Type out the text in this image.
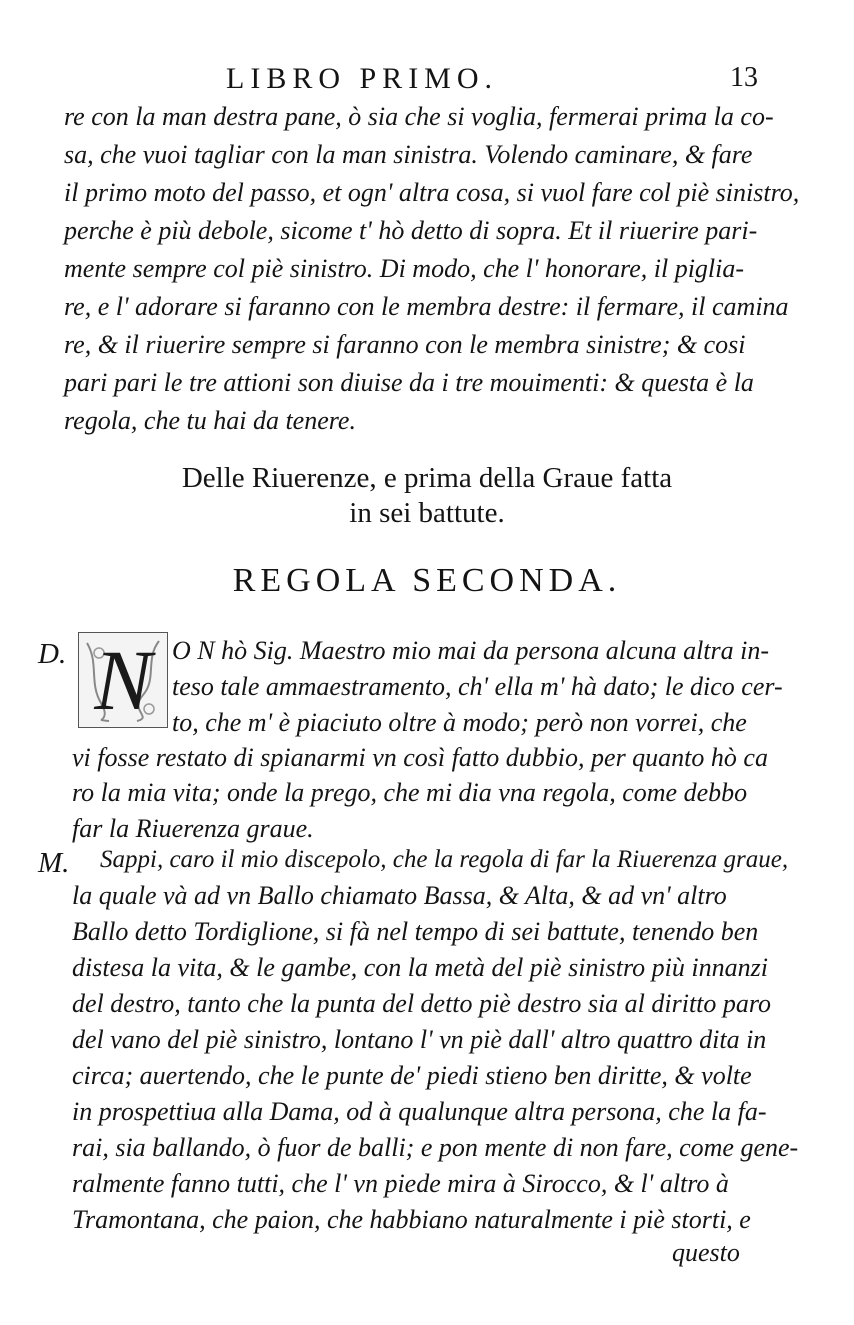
LIBRO PRIMO.	13
re con la man destra pane, ò sia che si voglia, fermerai prima la co-
sa, che vuoi tagliar con la man sinistra. Volendo caminare, & fare
il primo moto del passo, et ogn' altra cosa, si vuol fare col piè sinistro,
perche è più debole, sicome t' hò detto di sopra. Et il riuerire pari-
mente sempre col piè sinistro. Di modo, che l' honorare, il piglia-
re, e l' adorare si faranno con le membra destre: il fermare, il camina
re, & il riuerire sempre si faranno con le membra sinistre; & cosi
pari pari le tre attioni son diuise da i tre mouimenti: & questa è la
regola, che tu hai da tenere.
Delle Riuerenze, e prima della Graue fatta
in sei battute.
REGOLA SECONDA.
D. N O N hò Sig. Maestro mio mai da persona alcuna altra in-
teso tale ammaestramento, ch' ella m' hà dato; le dico cer-
to, che m' è piaciuto oltre à modo; però non vorrei, che
vi fosse restato di spianarmi vn così fatto dubbio, per quanto hò ca
ro la mia vita; onde la prego, che mi dia vna regola, come debbo
far la Riuerenza graue.
M. Sappi, caro il mio discepolo, che la regola di far la Riuerenza graue,
la quale và ad vn Ballo chiamato Bassa, & Alta, & ad vn' altro
Ballo detto Tordiglione, si fà nel tempo di sei battute, tenendo ben
distesa la vita, & le gambe, con la metà del piè sinistro più innanzi
del destro, tanto che la punta del detto piè destro sia al diritto paro
del vano del piè sinistro, lontano l' vn piè dall' altro quattro dita in
circa; auertendo, che le punte de' piedi stieno ben diritte, & volte
in prospettiua alla Dama, od à qualunque altra persona, che la fa-
rai, sia ballando, ò fuor de balli; e pon mente di non fare, come gene-
ralmente fanno tutti, che l' vn piede mira à Sirocco, & l' altro à
Tramontana, che paion, che habbiano naturalmente i piè storti, e
questo
